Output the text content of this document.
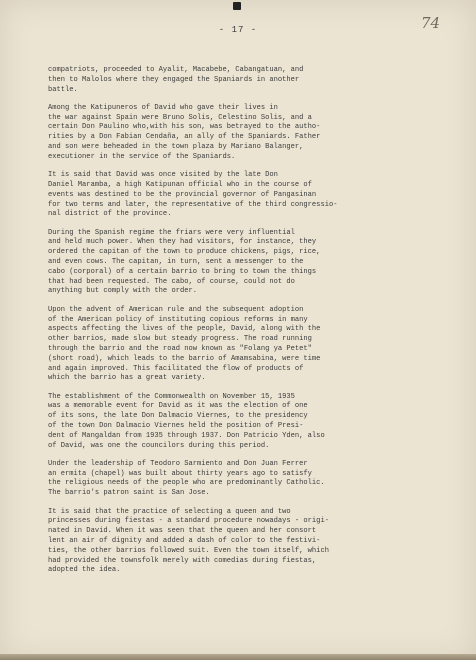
- 17 -	74

compatriots, proceeded to Ayalit, Macabebe, Cabangatuan, and
then to Malolos where they engaged the Spaniards in another
battle.

Among the Katipuneros of David who gave their lives in
the war against Spain were Bruno Solis, Celestino Solis, and a
certain Don Paulino who,with his son, was betrayed to the autho-
rities by a Don Fabian Cendaña, an ally of the Spaniards. Father
and son were beheaded in the town plaza by Mariano Balanger,
executioner in the service of the Spaniards.

It is said that David was once visited by the late Don
Daniel Maramba, a high Katipunan official who in the course of
events was destined to be the provincial governor of Pangasinan
for two terms and later, the representative of the third congressio-
nal district of the province.

During the Spanish regime the friars were very influential
and held much power. When they had visitors, for instance, they
ordered the capitan of the town to produce chickens, pigs, rice,
and even cows. The capitan, in turn, sent a messenger to the
cabo (corporal) of a certain barrio to bring to town the things
that had been requested. The cabo, of course, could not do
anything but comply with the order.

Upon the advent of American rule and the subsequent adoption
of the American policy of instituting copious reforms in many
aspects affecting the lives of the people, David, along with the
other barrios, made slow but steady progress. The road running
through the barrio and the road now known as "Folang ya Petet"
(short road), which leads to the barrio of Amamsabina, were time
and again improved. This facilitated the flow of products of
which the barrio has a great variety.

The establishment of the Commonwealth on November 15, 1935
was a memorable event for David as it was the election of one
of its sons, the late Don Dalmacio Viernes, to the presidency
of the town Don Dalmacio Viernes held the position of Presi-
dent of Mangaldan from 1935 through 1937. Don Patricio Yden, also
of David, was one the councilors during this period.

Under the leadership of Teodoro Sarmiento and Don Juan Ferrer
an ermita (chapel) was built about thirty years ago to satisfy
the religious needs of the people who are predominantly Catholic.
The barrio's patron saint is San Jose.

It is said that the practice of selecting a queen and two
princesses during fiestas - a standard procedure nowadays - origi-
nated in David. When it was seen that the queen and her consort
lent an air of dignity and added a dash of color to the festivi-
ties, the other barrios followed suit. Even the town itself, which
had provided the townsfolk merely with comedias during fiestas,
adopted the idea.
